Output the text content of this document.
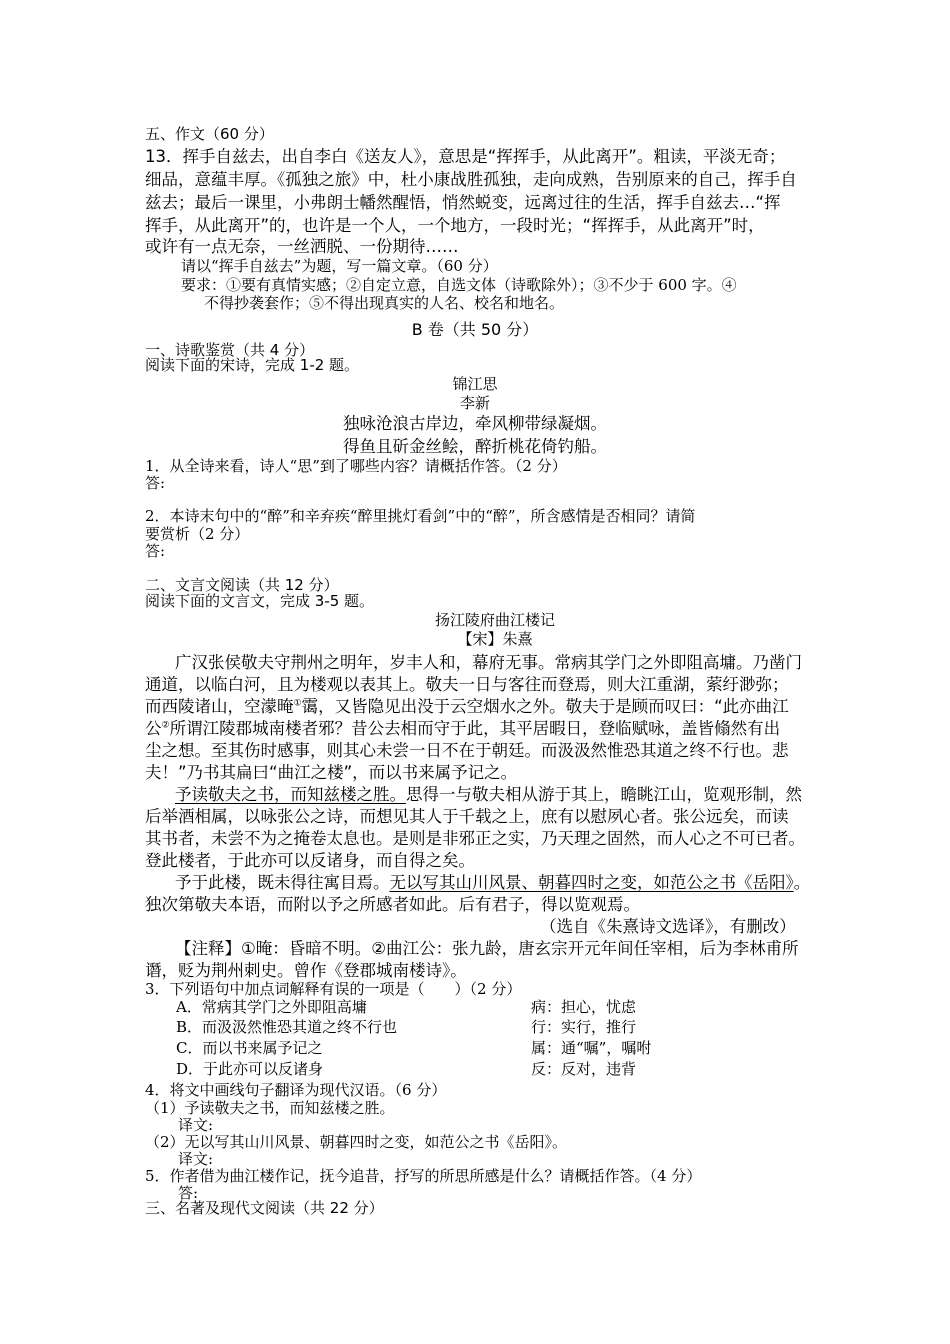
五、作文（60 分）
13．挥手自兹去，出自李白《送友人》，意思是“挥挥手，从此离开”。粗读，平淡无奇；
细品，意蕴丰厚。《孤独之旅》中，杜小康战胜孤独，走向成熟，告别原来的自己，挥手自
兹去；最后一课里，小弗朗士幡然醒悟，悄然蜕变，远离过往的生活，挥手自兹去…“挥
挥手，从此离开”的，也许是一个人，一个地方，一段时光；“挥挥手，从此离开”时，
或许有一点无奈，一丝洒脱、一份期待……
请以“挥手自兹去”为题，写一篇文章。（60 分）
要求：①要有真情实感；②自定立意，自选文体（诗歌除外）；③不少于 600 字。④
不得抄袭套作；⑤不得出现真实的人名、校名和地名。
B 卷（共 50 分）
一、诗歌鉴赏（共 4 分）
阅读下面的宋诗，完成 1-2 题。
锦江思
李新
独咏沧浪古岸边，牵风柳带绿凝烟。
得鱼且斫金丝鲙，醉折桃花倚钓船。
1．从全诗来看，诗人“思”到了哪些内容？请概括作答。（2 分）
答:
2．本诗末句中的“醉”和辛弃疾“醉里挑灯看剑”中的“醉”，所含感情是否相同？请简
要赏析（2 分）
答:
二、文言文阅读（共 12 分）
阅读下面的文言文，完成 3-5 题。
扬江陵府曲江楼记
【宋】朱熹
广汉张侯敬夫守荆州之明年，岁丰人和，幕府无事。常病其学门之外即阻高墉。乃凿门
通道，以临白河，且为楼观以表其上。敬夫一日与客往而登焉，则大江重湖，萦纡渺弥；
而西陵诸山，空濛晻①霭，又皆隐见出没于云空烟水之外。敬夫于是顾而叹曰：“此亦曲江
公②所谓江陵郡城南楼者邪？昔公去相而守于此，其平居暇日，登临赋咏，盖皆翛然有出
尘之想。至其伤时感事，则其心未尝一日不在于朝廷。而汲汲然惟恐其道之终不行也。悲
夫！”乃书其扁曰“曲江之楼”，而以书来属予记之。
予读敬夫之书，而知兹楼之胜。思得一与敬夫相从游于其上，瞻眺江山，览观形制，然
后举酒相属，以咏张公之诗，而想见其人于千载之上，庶有以慰夙心者。张公远矣，而读
其书者，未尝不为之掩卷太息也。是则是非邪正之实，乃天理之固然，而人心之不可已者。
登此楼者，于此亦可以反诸身，而自得之矣。
予于此楼，既未得往寓目焉。无以写其山川风景、朝暮四时之变，如范公之书《岳阳》。
独次第敬夫本语，而附以予之所感者如此。后有君子，得以览观焉。
（选自《朱熹诗文选译》，有删改）
【注释】①晻：昏暗不明。②曲江公：张九龄，唐玄宗开元年间任宰相，后为李林甫所
谮，贬为荆州刺史。曾作《登郡城南楼诗》。
3．下列语句中加点词解释有误的一项是（　　）（2 分）
A．常病其学门之外即阻高墉	病：担心，忧虑
B．而汲汲然惟恐其道之终不行也	行：实行，推行
C．而以书来属予记之	属：通“嘱”，嘱咐
D．于此亦可以反诸身	反：反对，违背
4．将文中画线句子翻译为现代汉语。（6 分）
（1）予读敬夫之书，而知兹楼之胜。
译文:
（2）无以写其山川风景、朝暮四时之变，如范公之书《岳阳》。
译文:
5．作者借为曲江楼作记，抚今追昔，抒写的所思所感是什么？请概括作答。（4 分）
答:
三、名著及现代文阅读（共 22 分）
